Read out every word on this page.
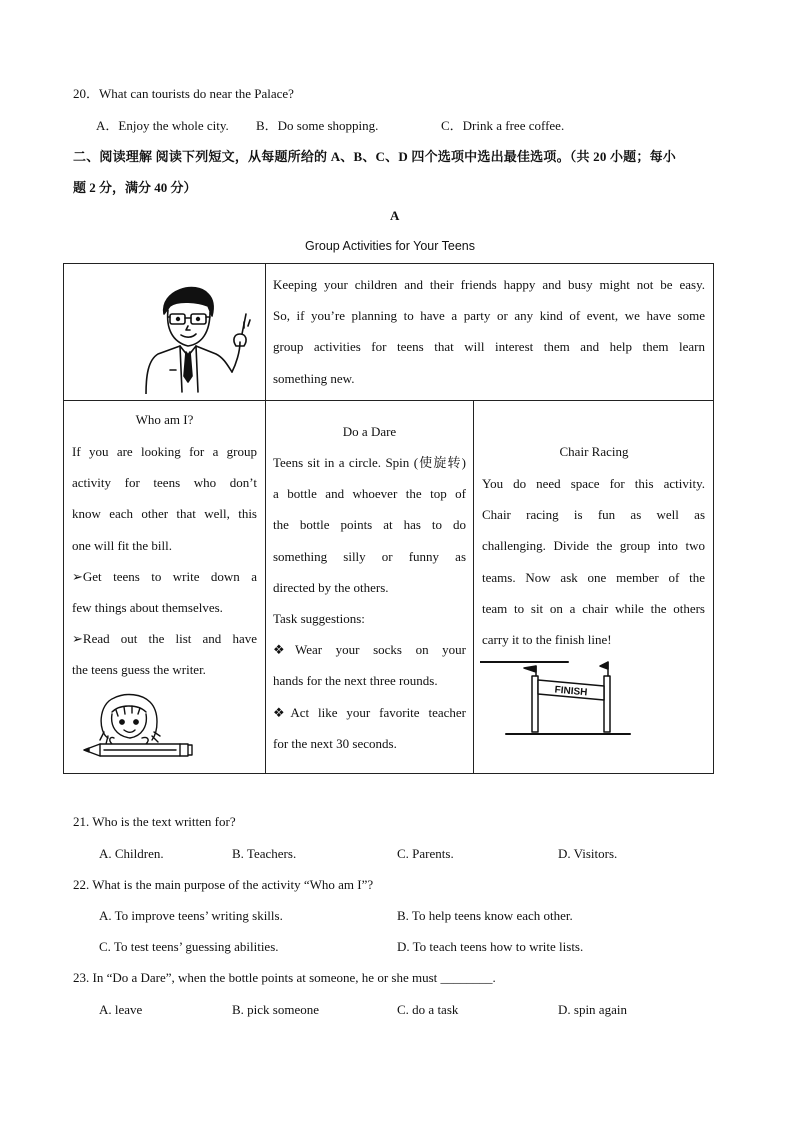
20．What can tourists do near the Palace?
A．Enjoy the whole city. B．Do some shopping.	C．Drink a free coffee.
二、阅读理解 阅读下列短文，从每题所给的 A、B、C、D 四个选项中选出最佳选项。（共 20 小题；每小
题 2 分，满分 40 分）
A
Group Activities for Your Teens
Keeping your children and their friends happy and busy might not be easy.
So, if you’re planning to have a party or any kind of event, we have some
group activities for teens that will interest them and help them learn
something new.
Who am I?
If you are looking for a group
activity for teens who don’t
know each other that well, this
one will fit the bill.
➢Get teens to write down a
few things about themselves.
➢Read out the list and have
the teens guess the writer.
Do a Dare
Teens sit in a circle. Spin (使旋转)
a bottle and whoever the top of
the bottle points at has to do
something silly or funny as
directed by the others.
Task suggestions:
❖Wear your socks on your
hands for the next three rounds.
❖Act like your favorite teacher
for the next 30 seconds.
Chair Racing
You do need space for this activity.
Chair racing is fun as well as
challenging. Divide the group into two
teams. Now ask one member of the
team to sit on a chair while the others
carry it to the finish line!
FINISH
21. Who is the text written for?
A. Children.	B. Teachers.	C. Parents.	D. Visitors.
22. What is the main purpose of the activity “Who am I”?
A. To improve teens’ writing skills.	B. To help teens know each other.
C. To test teens’ guessing abilities.	D. To teach teens how to write lists.
23. In “Do a Dare”, when the bottle points at someone, he or she must ________.
A. leave	B. pick someone	C. do a task	D. spin again
